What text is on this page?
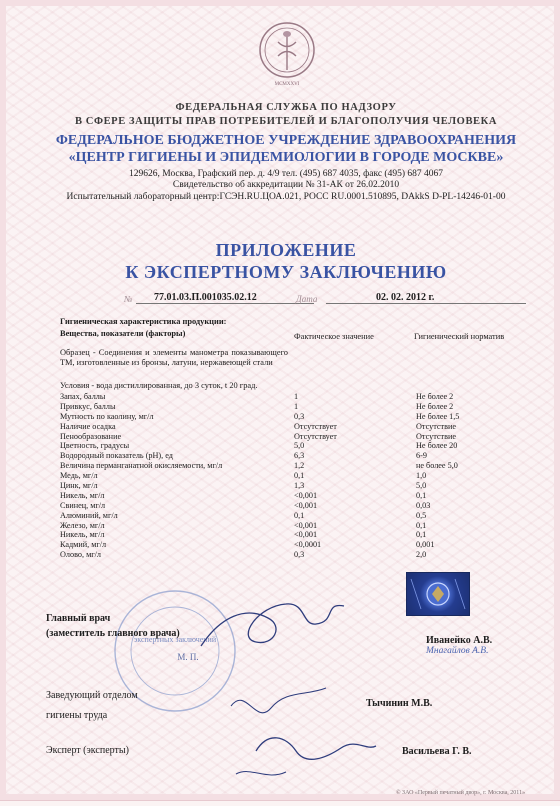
MCMXXVI
ФЕДЕРАЛЬНАЯ СЛУЖБА ПО НАДЗОРУ
В СФЕРЕ ЗАЩИТЫ ПРАВ ПОТРЕБИТЕЛЕЙ И БЛАГОПОЛУЧИЯ ЧЕЛОВЕКА
ФЕДЕРАЛЬНОЕ БЮДЖЕТНОЕ УЧРЕЖДЕНИЕ ЗДРАВООХРАНЕНИЯ
«ЦЕНТР ГИГИЕНЫ И ЭПИДЕМИОЛОГИИ В ГОРОДЕ МОСКВЕ»
129626, Москва, Графский пер. д. 4/9 тел. (495) 687 4035, факс (495) 687 4067
Свидетельство об аккредитации № 31-АК от 26.02.2010
Испытательный лабораторный центр:ГСЭН.RU.ЦОА.021, РОСС RU.0001.510895, DAkkS D-PL-14246-01-00
ПРИЛОЖЕНИЕ
К ЭКСПЕРТНОМУ ЗАКЛЮЧЕНИЮ
№	77.01.03.П.001035.02.12	Дата	02. 02. 2012 г.
Гигиеническая характеристика продукции:
Вещества, показатели (факторы)	Фактическое значение	Гигиенический норматив
Образец - Соединения и элементы манометра показывающего ТМ, изготовленные из бронзы, латуни, нержавеющей стали
Условия - вода дистиллированная, до 3 суток, t 20 град.
Запах, баллы	1	Не более 2
Привкус, баллы	1	Не более 2
Мутность по каолину, мг/л	0,3	Не более 1,5
Наличие осадка	Отсутствует	Отсутствие
Пенообразование	Отсутствует	Отсутствие
Цветность, градусы	5,0	Не более 20
Водородный показатель (pH), ед	6,3	6-9
Величина перманганатной окисляемости, мг/л	1,2	не более 5,0
Медь, мг/л	0,1	1,0
Цинк, мг/л	1,3	5,0
Никель, мг/л	<0,001	0,1
Свинец, мг/л	<0,001	0,03
Алюминий, мг/л	0,1	0,5
Железо, мг/л	<0,001	0,1
Никель, мг/л	<0,001	0,1
Кадмий, мг/л	<0,0001	0,001
Олово, мг/л	0,3	2,0
экспертных заключений
М. П.
Главный врач
(заместитель главного врача)
Иванейко А.В.
Мнагайлов А.В.
Заведующий отделом
гигиены труда
Тычинин М.В.
Эксперт (эксперты)	Васильева Г. В.
© ЗАО «Первый печатный двор», г. Москва, 2011»
